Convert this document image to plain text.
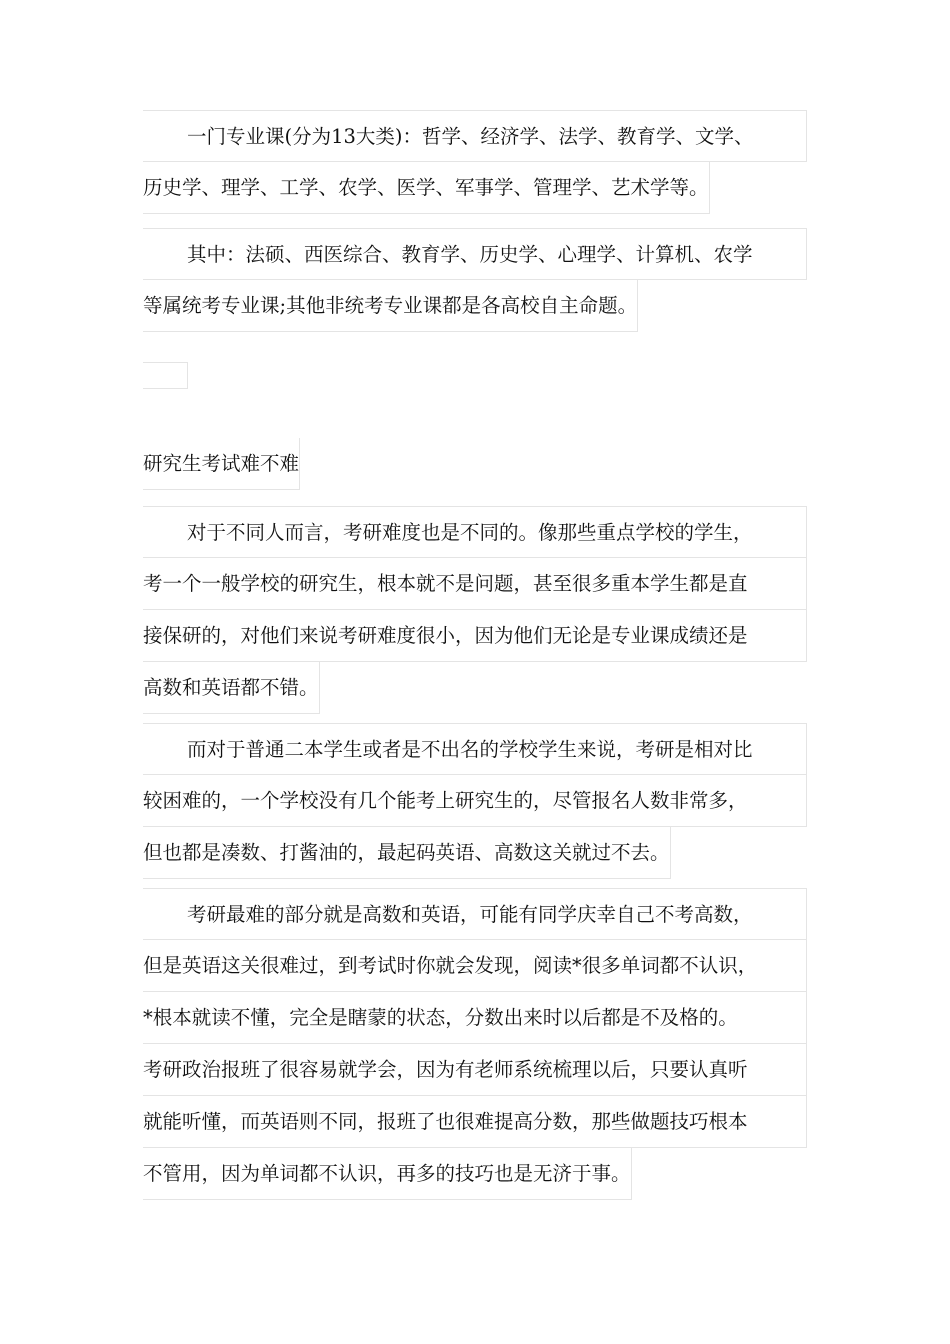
一门专业课(分为13大类)：哲学、经济学、法学、教育学、文学、
历史学、理学、工学、农学、医学、军事学、管理学、艺术学等。
其中：法硕、西医综合、教育学、历史学、心理学、计算机、农学
等属统考专业课;其他非统考专业课都是各高校自主命题。
研究生考试难不难
对于不同人而言，考研难度也是不同的。像那些重点学校的学生，
考一个一般学校的研究生，根本就不是问题，甚至很多重本学生都是直
接保研的，对他们来说考研难度很小，因为他们无论是专业课成绩还是
高数和英语都不错。
而对于普通二本学生或者是不出名的学校学生来说，考研是相对比
较困难的，一个学校没有几个能考上研究生的，尽管报名人数非常多，
但也都是凑数、打酱油的，最起码英语、高数这关就过不去。
考研最难的部分就是高数和英语，可能有同学庆幸自己不考高数，
但是英语这关很难过，到考试时你就会发现，阅读*很多单词都不认识，
*根本就读不懂，完全是瞎蒙的状态，分数出来时以后都是不及格的。
考研政治报班了很容易就学会，因为有老师系统梳理以后，只要认真听
就能听懂，而英语则不同，报班了也很难提高分数，那些做题技巧根本
不管用，因为单词都不认识，再多的技巧也是无济于事。
